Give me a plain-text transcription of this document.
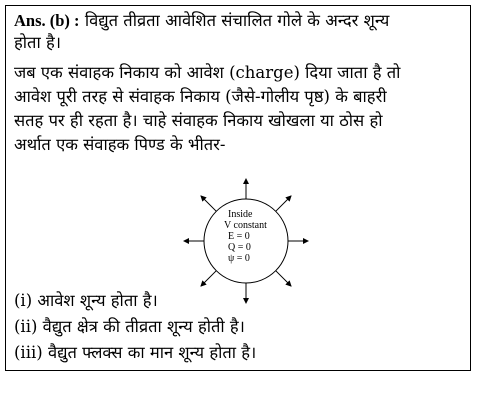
Ans. (b) : विद्युत तीव्रता आवेशित संचालित गोले के अन्दर शून्य
होता है।
जब एक संवाहक निकाय को आवेश (charge) दिया जाता है तो
आवेश पूरी तरह से संवाहक निकाय (जैसे-गोलीय पृष्ठ) के बाहरी
सतह पर ही रहता है। चाहे संवाहक निकाय खोखला या ठोस हो
अर्थात एक संवाहक पिण्ड के भीतर-
Inside
V constant
E = 0
Q = 0
ψ = 0
(i) आवेश शून्य होता है।
(ii) वैद्युत क्षेत्र की तीव्रता शून्य होती है।
(iii) वैद्युत फ्लक्स का मान शून्य होता है।
